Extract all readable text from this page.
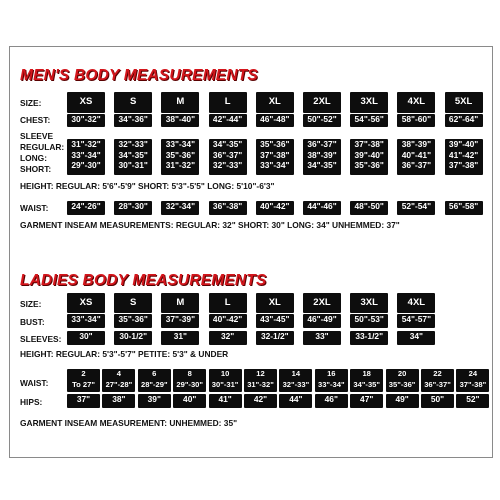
MEN'S BODY MEASUREMENTS
SIZE:
CHEST:
SLEEVE
REGULAR:
LONG:
SHORT:
XS
30"-32"
31"-32"
33"-34"
29"-30"
24"-26"
S
34"-36"
32"-33"
34"-35"
30"-31"
28"-30"
M
38"-40"
33"-34"
35"-36"
31"-32"
32"-34"
L
42"-44"
34"-35"
36"-37"
32"-33"
36"-38"
XL
46"-48"
35"-36"
37"-38"
33"-34"
40"-42"
2XL
50"-52"
36"-37"
38"-39"
34"-35"
44"-46"
3XL
54"-56"
37"-38"
39"-40"
35"-36"
48"-50"
4XL
58"-60"
38"-39"
40"-41"
36"-37"
52"-54"
5XL
62"-64"
39"-40"
41"-42"
37"-38"
56"-58"
HEIGHT: REGULAR: 5'6"-5'9" SHORT: 5'3"-5'5" LONG: 5'10"-6'3"
WAIST:
GARMENT INSEAM MEASUREMENTS: REGULAR: 32" SHORT: 30" LONG: 34" UNHEMMED: 37"
LADIES BODY MEASUREMENTS
SIZE:
BUST:
SLEEVES:
XS
33"-34"
30"
S
35"-36"
30-1/2"
M
37"-39"
31"
L
40"-42"
32"
XL
43"-45"
32-1/2"
2XL
46"-49"
33"
3XL
50"-53"
33-1/2"
4XL
54"-57"
34"
2
To 27"
37"
4
27"-28"
38"
6
28"-29"
39"
8
29"-30"
40"
10
30"-31"
41"
12
31"-32"
42"
14
32"-33"
44"
16
33"-34"
46"
18
34"-35"
47"
20
35"-36"
49"
22
36"-37"
50"
24
37"-38"
52"
HEIGHT: REGULAR: 5'3"-5'7" PETITE: 5'3" & UNDER
WAIST:
HIPS:
GARMENT INSEAM MEASUREMENT: UNHEMMED: 35"
